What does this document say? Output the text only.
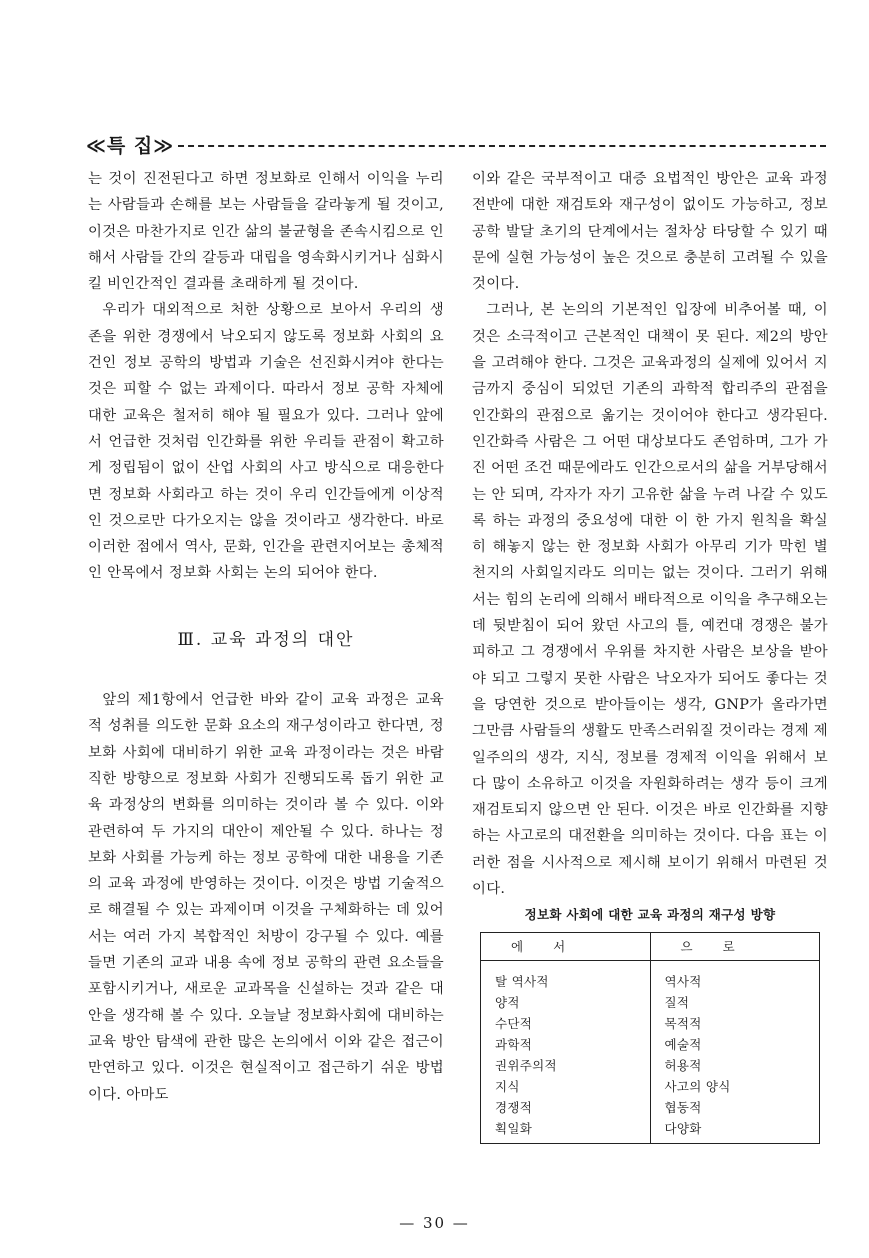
≪특 집≫

는 것이 진전된다고 하면 정보화로 인해서 이익을 누리는 사람들과 손해를 보는 사람들을 갈라놓게 될 것이고, 이것은 마찬가지로 인간 삶의 불균형을 존속시킴으로 인해서 사람들 간의 갈등과 대립을 영속화시키거나 심화시킬 비인간적인 결과를 초래하게 될 것이다.

우리가 대외적으로 처한 상황으로 보아서 우리의 생존을 위한 경쟁에서 낙오되지 않도록 정보화 사회의 요건인 정보 공학의 방법과 기술은 선진화시켜야 한다는 것은 피할 수 없는 과제이다. 따라서 정보 공학 자체에 대한 교육은 철저히 해야 될 필요가 있다. 그러나 앞에서 언급한 것처럼 인간화를 위한 우리들 관점이 확고하게 정립됨이 없이 산업 사회의 사고 방식으로 대응한다면 정보화 사회라고 하는 것이 우리 인간들에게 이상적인 것으로만 다가오지는 않을 것이라고 생각한다. 바로 이러한 점에서 역사, 문화, 인간을 관련지어보는 총체적인 안목에서 정보화 사회는 논의 되어야 한다.

Ⅲ. 교육 과정의 대안

앞의 제1항에서 언급한 바와 같이 교육 과정은 교육적 성취를 의도한 문화 요소의 재구성이라고 한다면, 정보화 사회에 대비하기 위한 교육 과정이라는 것은 바람직한 방향으로 정보화 사회가 진행되도록 돕기 위한 교육 과정상의 변화를 의미하는 것이라 볼 수 있다. 이와 관련하여 두 가지의 대안이 제안될 수 있다. 하나는 정보화 사회를 가능케 하는 정보 공학에 대한 내용을 기존의 교육 과정에 반영하는 것이다. 이것은 방법 기술적으로 해결될 수 있는 과제이며 이것을 구체화하는 데 있어서는 여러 가지 복합적인 처방이 강구될 수 있다. 예를 들면 기존의 교과 내용 속에 정보 공학의 관련 요소들을 포함시키거나, 새로운 교과목을 신설하는 것과 같은 대안을 생각해 볼 수 있다. 오늘날 정보화사회에 대비하는 교육 방안 탐색에 관한 많은 논의에서 이와 같은 접근이 만연하고 있다. 이것은 현실적이고 접근하기 쉬운 방법이다. 아마도

이와 같은 국부적이고 대증 요법적인 방안은 교육 과정 전반에 대한 재검토와 재구성이 없이도 가능하고, 정보 공학 발달 초기의 단계에서는 절차상 타당할 수 있기 때문에 실현 가능성이 높은 것으로 충분히 고려될 수 있을 것이다.

그러나, 본 논의의 기본적인 입장에 비추어볼 때, 이것은 소극적이고 근본적인 대책이 못 된다. 제2의 방안을 고려해야 한다. 그것은 교육과정의 실제에 있어서 지금까지 중심이 되었던 기존의 과학적 합리주의 관점을 인간화의 관점으로 옮기는 것이어야 한다고 생각된다. 인간화즉 사람은 그 어떤 대상보다도 존엄하며, 그가 가진 어떤 조건 때문에라도 인간으로서의 삶을 거부당해서는 안 되며, 각자가 자기 고유한 삶을 누려 나갈 수 있도록 하는 과정의 중요성에 대한 이 한 가지 원칙을 확실히 해놓지 않는 한 정보화 사회가 아무리 기가 막힌 별천지의 사회일지라도 의미는 없는 것이다. 그러기 위해서는 힘의 논리에 의해서 배타적으로 이익을 추구해오는 데 뒷받침이 되어 왔던 사고의 틀, 예컨대 경쟁은 불가피하고 그 경쟁에서 우위를 차지한 사람은 보상을 받아야 되고 그렇지 못한 사람은 낙오자가 되어도 좋다는 것을 당연한 것으로 받아들이는 생각, GNP가 올라가면 그만큼 사람들의 생활도 만족스러워질 것이라는 경제 제일주의의 생각, 지식, 정보를 경제적 이익을 위해서 보다 많이 소유하고 이것을 자원화하려는 생각 등이 크게 재검토되지 않으면 안 된다. 이것은 바로 인간화를 지향하는 사고로의 대전환을 의미하는 것이다. 다음 표는 이러한 점을 시사적으로 제시해 보이기 위해서 마련된 것이다.

정보화 사회에 대한 교육 과정의 재구성 방향
에서	으로
탈 역사적	역사적
양적	질적
수단적	목적적
과학적	예술적
권위주의적	허용적
지식	사고의 양식
경쟁적	협동적
획일화	다양화
— 30 —
